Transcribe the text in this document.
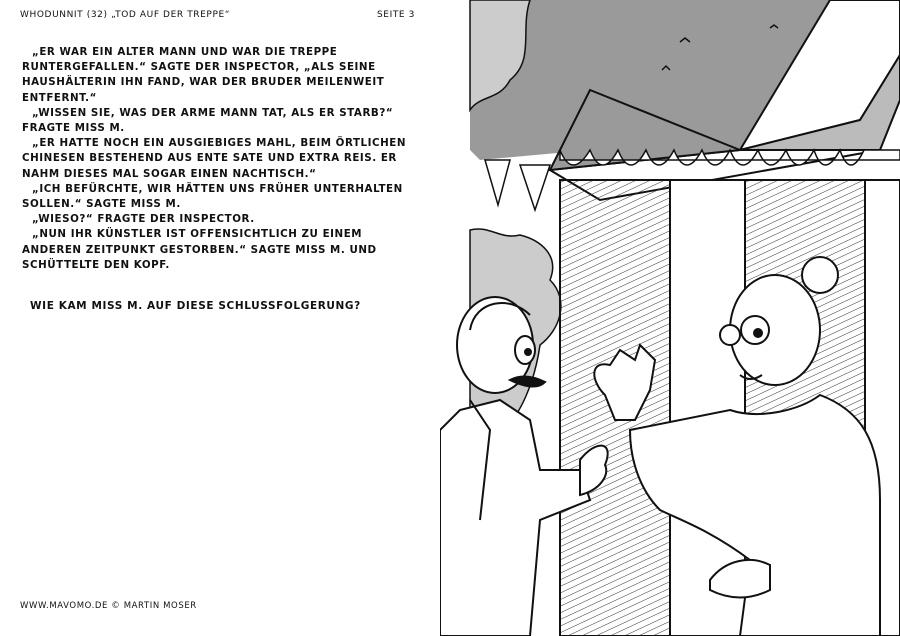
WHODUNNIT (32) „TOD AUF DER TREPPE“	SEITE 3

„ER WAR EIN ALTER MANN UND WAR DIE TREPPE RUNTERGEFALLEN.“ SAGTE DER INSPECTOR, „ALS SEINE HAUSHÄLTERIN IHN FAND, WAR DER BRUDER MEILENWEIT ENTFERNT.“

„WISSEN SIE, WAS DER ARME MANN TAT, ALS ER STARB?“ FRAGTE MISS M.

„ER HATTE NOCH EIN AUSGIEBIGES MAHL, BEIM ÖRTLICHEN CHINESEN BESTEHEND AUS ENTE SATE UND EXTRA REIS. ER NAHM DIESES MAL SOGAR EINEN NACHTISCH.“

„ICH BEFÜRCHTE, WIR HÄTTEN UNS FRÜHER UNTERHALTEN SOLLEN.“ SAGTE MISS M.

„WIESO?“ FRAGTE DER INSPECTOR.

„NUN IHR KÜNSTLER IST OFFENSICHTLICH ZU EINEM ANDEREN ZEITPUNKT GESTORBEN.“ SAGTE MISS M. UND SCHÜTTELTE DEN KOPF.

WIE KAM MISS M. AUF DIESE SCHLUSSFOLGERUNG?
WWW.MAVOMO.DE © MARTIN MOSER
